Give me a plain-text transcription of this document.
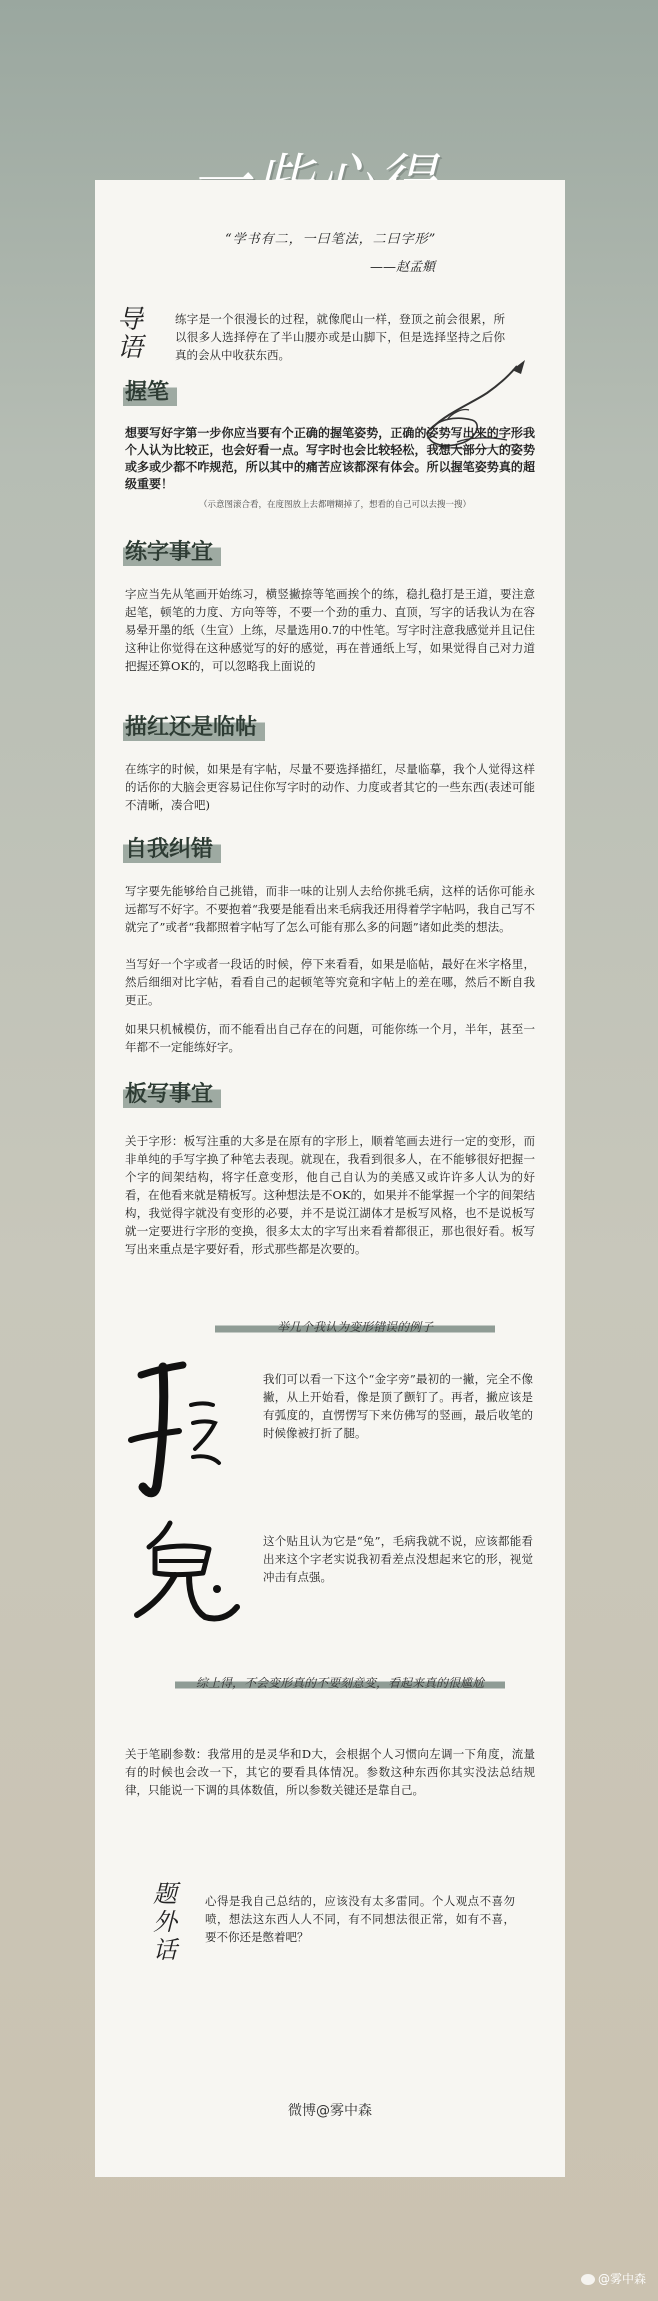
“学书有二，一曰笔法，二曰字形”
——赵孟頫
导语
练字是一个很漫长的过程，就像爬山一样，登顶之前会很累，所以很多人选择停在了半山腰亦或是山脚下，但是选择坚持之后你真的会从中收获东西。
握笔
想要写好字第一步你应当要有个正确的握笔姿势，正确的姿势写出来的字形我个人认为比较正，也会好看一点。写字时也会比较轻松，我想大部分人的姿势或多或少都不咋规范，所以其中的痛苦应该都深有体会。所以握笔姿势真的超级重要！
（示意图滚合看，在度图放上去都噌糊掉了，想看的自己可以去搜一搜）
练字事宜
字应当先从笔画开始练习，横竖撇捺等笔画挨个的练，稳扎稳打是王道，要注意起笔，顿笔的力度、方向等等，不要一个劲的重力、直顶，写字的话我认为在容易晕开墨的纸（生宣）上练，尽量选用0.7的中性笔。写字时注意我感觉并且记住这种让你觉得在这种感觉写的好的感觉，再在普通纸上写，如果觉得自己对力道把握还算OK的，可以忽略我上面说的
描红还是临帖
在练字的时候，如果是有字帖，尽量不要选择描红，尽量临摹，我个人觉得这样的话你的大脑会更容易记住你写字时的动作、力度或者其它的一些东西(表述可能不清晰，凑合吧)
自我纠错
写字要先能够给自己挑错，而非一味的让别人去给你挑毛病，这样的话你可能永远都写不好字。不要抱着“我要是能看出来毛病我还用得着学字帖吗，我自己写不就完了”或者“我都照着字帖写了怎么可能有那么多的问题”诸如此类的想法。
当写好一个字或者一段话的时候，停下来看看，如果是临帖，最好在米字格里，然后细细对比字帖，看看自己的起顿笔等究竟和字帖上的差在哪，然后不断自我更正。
如果只机械模仿，而不能看出自己存在的问题，可能你练一个月，半年，甚至一年都不一定能练好字。
板写事宜
关于字形：板写注重的大多是在原有的字形上，顺着笔画去进行一定的变形，而非单纯的手写字换了种笔去表现。就现在，我看到很多人，在不能够很好把握一个字的间架结构，将字任意变形，他自己自认为的美感又或许许多人认为的好看，在他看来就是精板写。这种想法是不OK的，如果并不能掌握一个字的间架结构，我觉得字就没有变形的必要，并不是说江湖体才是板写风格，也不是说板写就一定要进行字形的变换，很多太太的字写出来看着都很正，那也很好看。板写写出来重点是字要好看，形式那些都是次要的。
举几个我认为变形错误的例子
我们可以看一下这个“金字旁”最初的一撇，完全不像撇，从上开始看，像是顶了颤钉了。再者，撇应该是有弧度的，直愣愣写下来仿佛写的竖画，最后收笔的时候像被打折了腿。
这个贴且认为它是“兔”，毛病我就不说，应该都能看出来这个字老实说我初看差点没想起来它的形，视觉冲击有点强。
综上得，不会变形真的不要刻意变，看起来真的很尴尬
关于笔刷参数：我常用的是灵华和D大，会根据个人习惯向左调一下角度，流量有的时候也会改一下，其它的要看具体情况。参数这种东西你其实没法总结规律，只能说一下调的具体数值，所以参数关键还是靠自己。
题外话
心得是我自己总结的，应该没有太多雷同。个人观点不喜勿喷，想法这东西人人不同，有不同想法很正常，如有不喜，要不你还是憋着吧？
微博@雾中森
@雾中森
